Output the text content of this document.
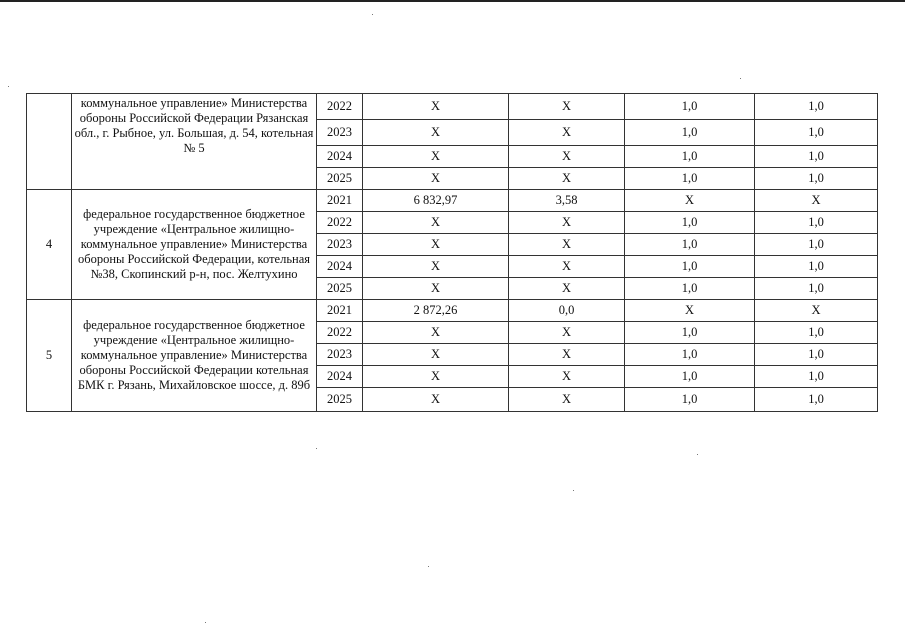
	коммунальное управление» Министерства обороны Российской Федерации Рязанская обл., г. Рыбное, ул. Большая, д. 54, котельная № 5	2022	X	X	1,0	1,0
		2023	X	X	1,0	1,0
		2024	X	X	1,0	1,0
		2025	X	X	1,0	1,0
4	федеральное государственное бюджетное учреждение «Центральное жилищно-коммунальное управление» Министерства обороны Российской Федерации, котельная №38, Скопинский р-н, пос. Желтухино	2021	6 832,97	3,58	X	X
		2022	X	X	1,0	1,0
		2023	X	X	1,0	1,0
		2024	X	X	1,0	1,0
		2025	X	X	1,0	1,0
5	федеральное государственное бюджетное учреждение «Центральное жилищно-коммунальное управление» Министерства обороны Российской Федерации котельная БМК г. Рязань, Михайловское шоссе, д. 89б	2021	2 872,26	0,0	X	X
		2022	X	X	1,0	1,0
		2023	X	X	1,0	1,0
		2024	X	X	1,0	1,0
		2025	X	X	1,0	1,0
